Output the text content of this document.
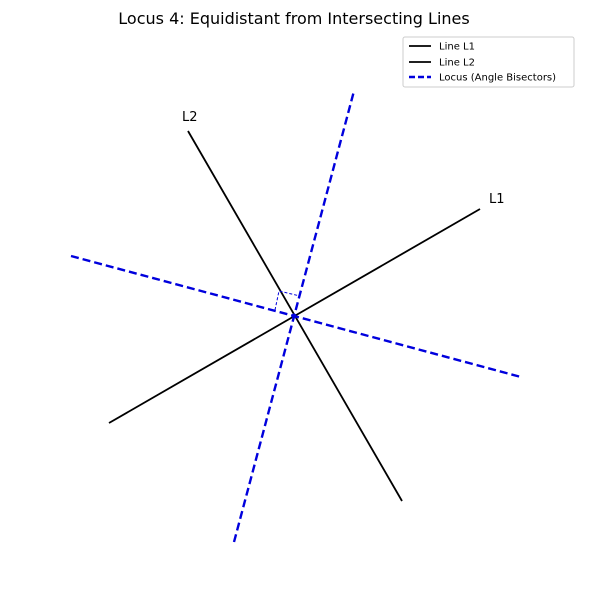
Locus 4: Equidistant from Intersecting Lines
L1
L2
Line L1
Line L2
Locus (Angle Bisectors)
